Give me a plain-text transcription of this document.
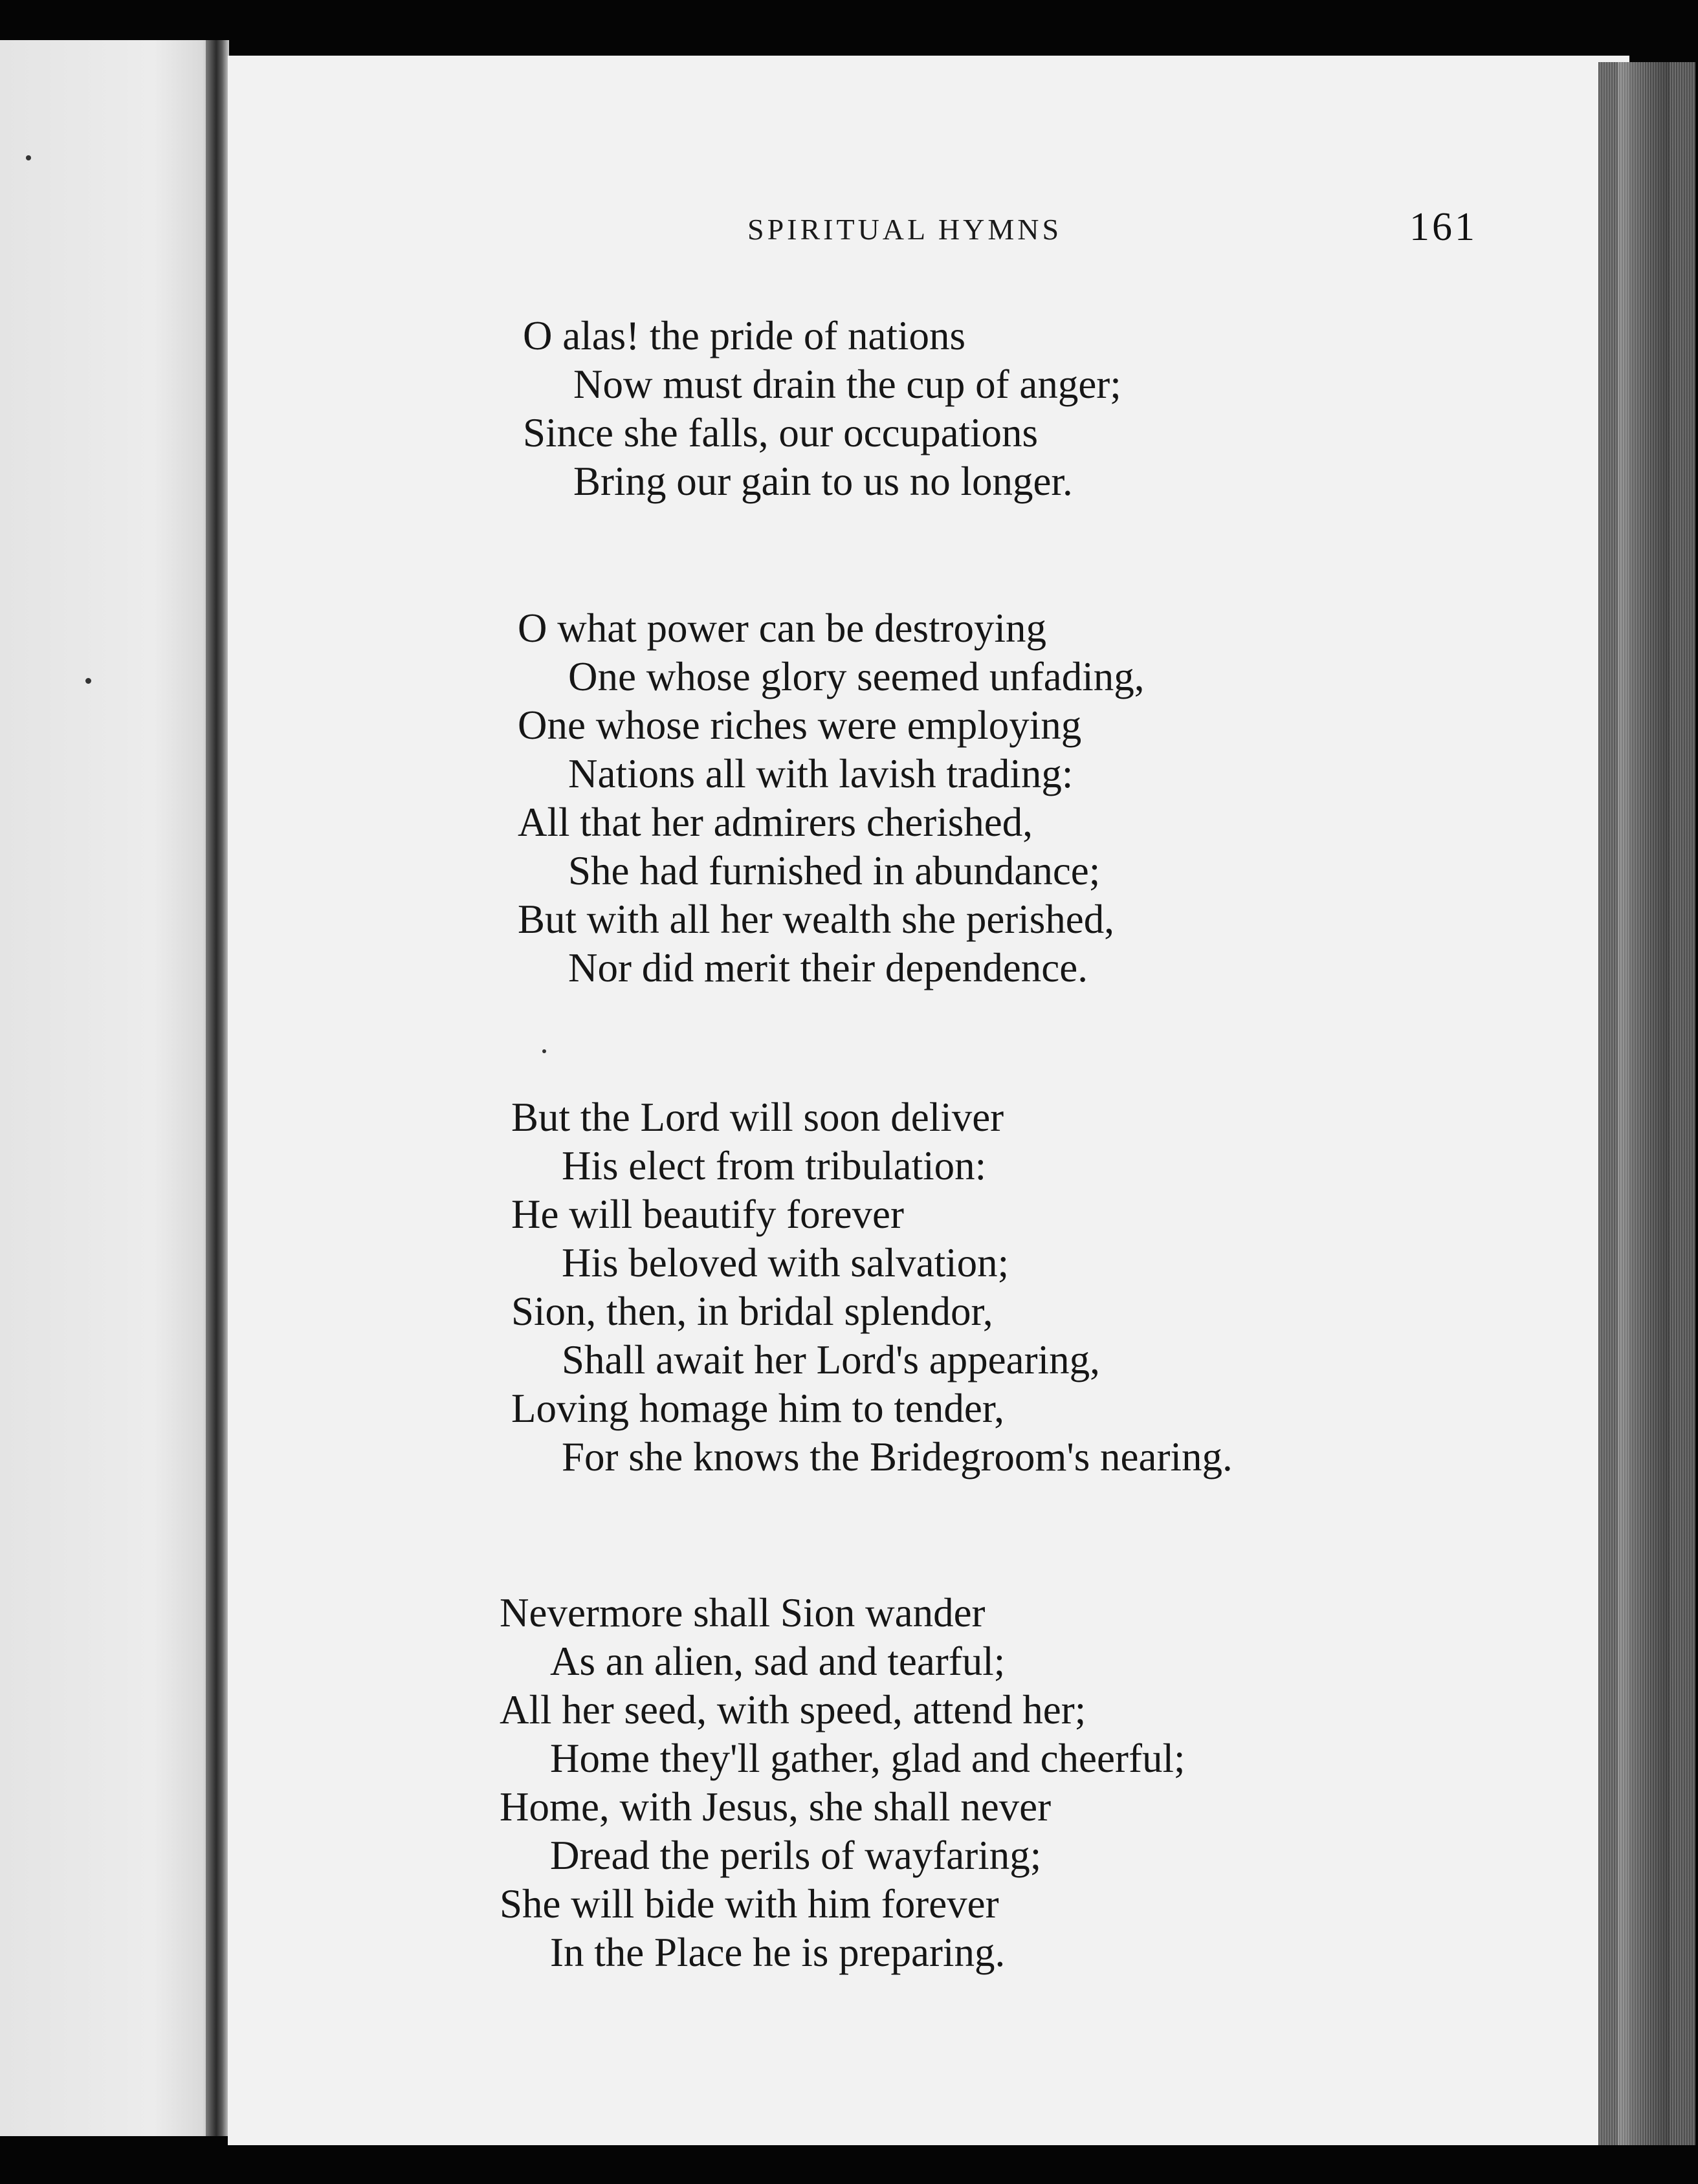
SPIRITUAL HYMNS	161
O alas! the pride of nations
Now must drain the cup of anger;
Since she falls, our occupations
Bring our gain to us no longer.
O what power can be destroying
One whose glory seemed unfading,
One whose riches were employing
Nations all with lavish trading:
All that her admirers cherished,
She had furnished in abundance;
But with all her wealth she perished,
Nor did merit their dependence.
But the Lord will soon deliver
His elect from tribulation:
He will beautify forever
His beloved with salvation;
Sion, then, in bridal splendor,
Shall await her Lord's appearing,
Loving homage him to tender,
For she knows the Bridegroom's nearing.
Nevermore shall Sion wander
As an alien, sad and tearful;
All her seed, with speed, attend her;
Home they'll gather, glad and cheerful;
Home, with Jesus, she shall never
Dread the perils of wayfaring;
She will bide with him forever
In the Place he is preparing.
